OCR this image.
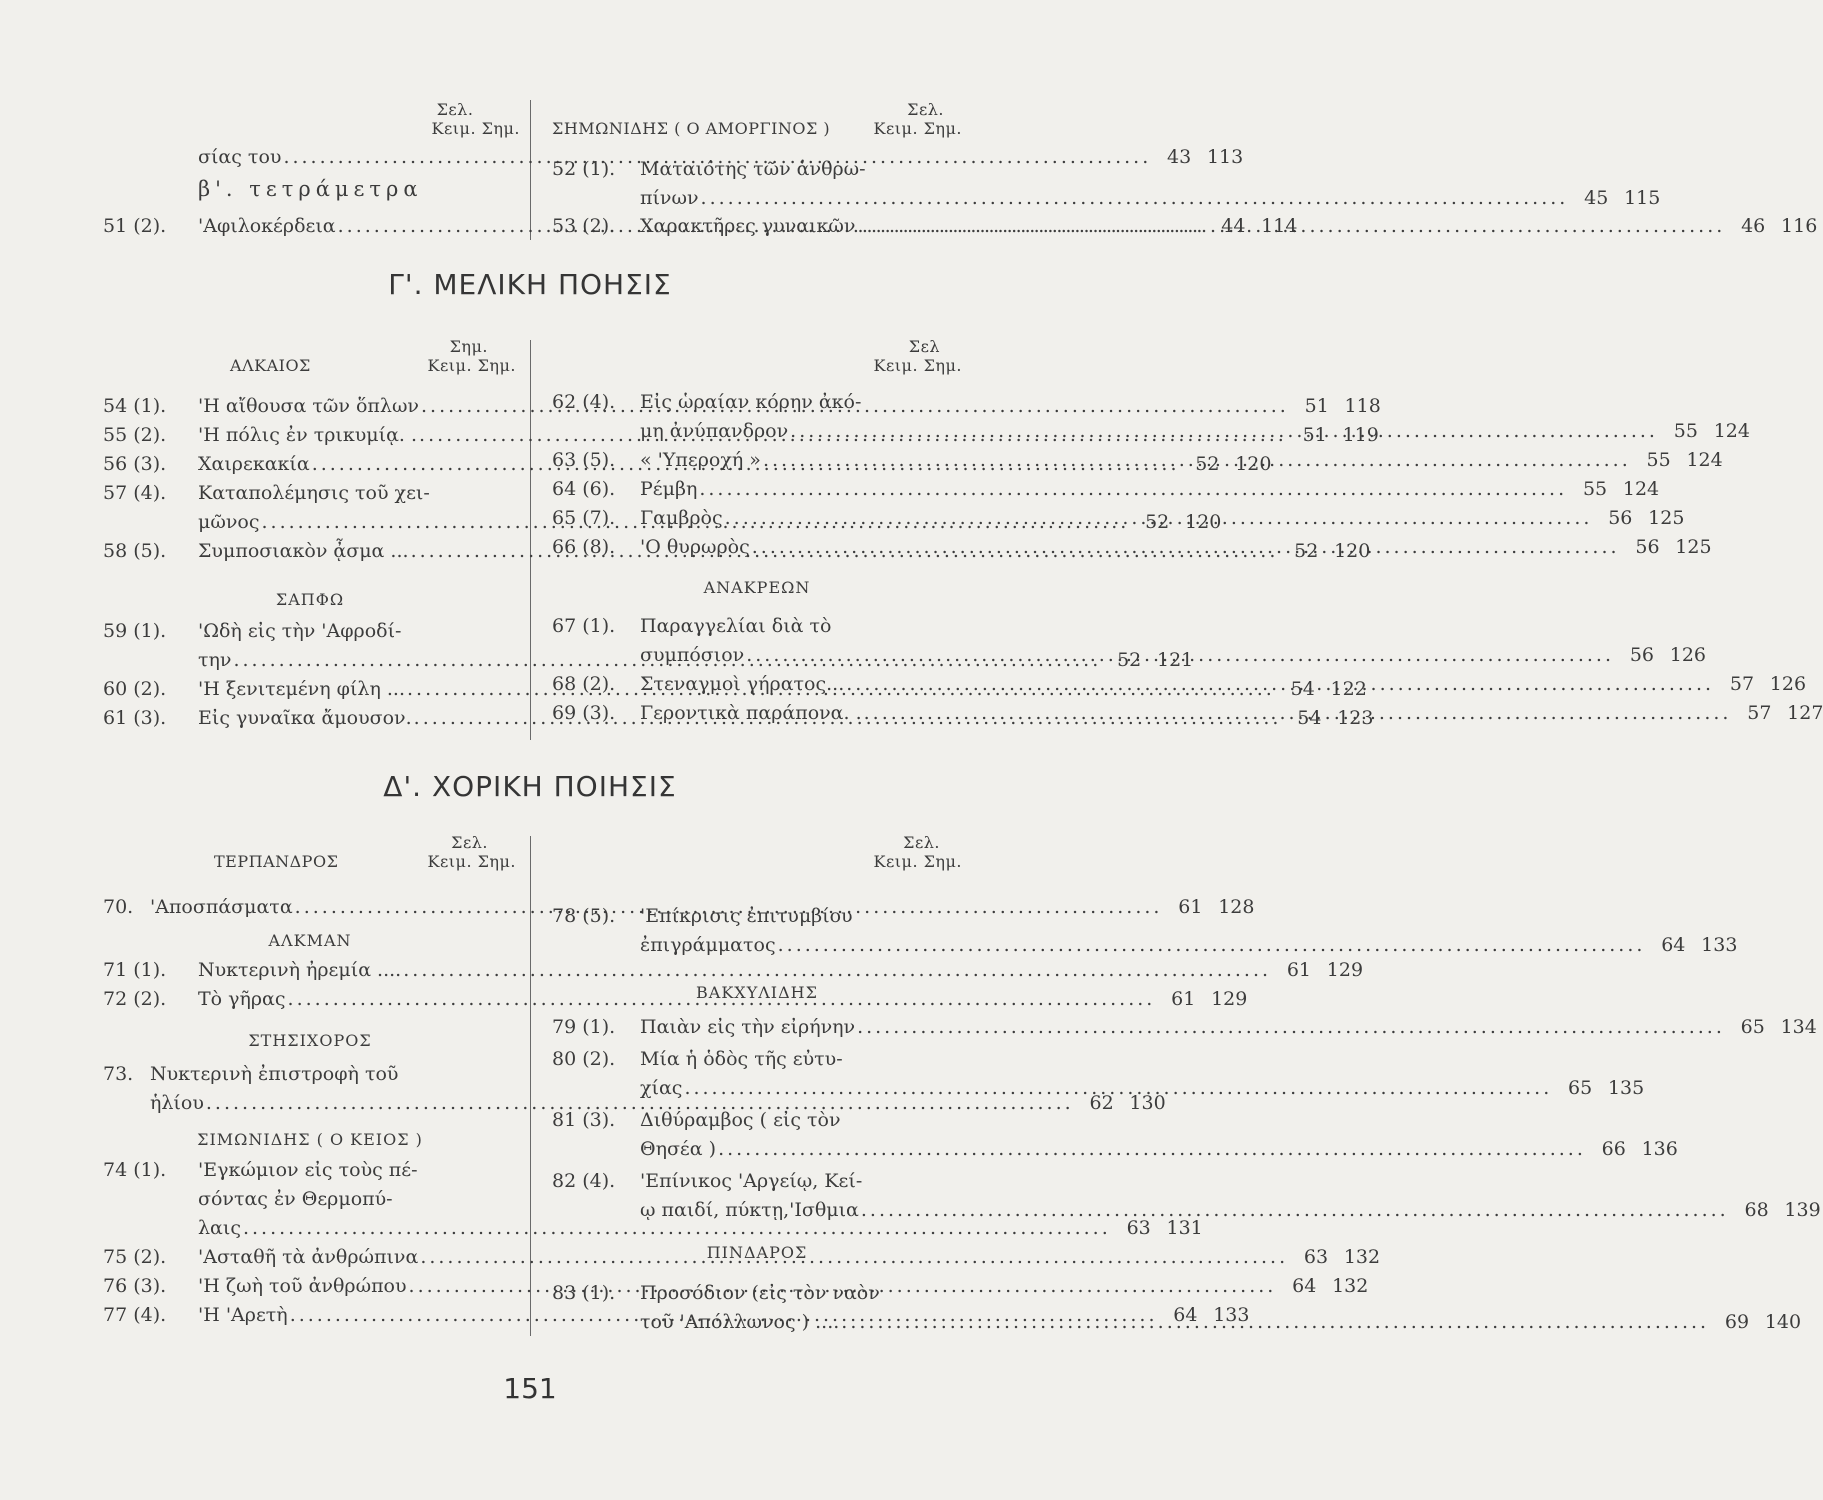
Σελ.
Κειμ. Σημ.
σίας του .....	43 113
β'. τετράμετρα
51 (2).	'Αφιλοκέρδεια .....	44 114
Σελ.
ΣΗΜΩΝΙΔΗΣ ( Ο ΑΜΟΡΓΙΝΟΣ )	Κειμ. Σημ.
52 (1).	Ματαιότης τῶν ἀνθρω-
πίνων .....	45 115
53 (2).	Χαρακτῆρες γυναικῶν .....	46 116
Γ'. ΜΕΛΙΚΗ ΠΟΗΣΙΣ
Σημ.
ΑΛΚΑΙΟΣ	Κειμ. Σημ.
54 (1).	'Η αἴθουσα τῶν ὅπλων .....	51 118
55 (2).	'Η πόλις ἐν τρικυμίᾳ. . .....	51 119
56 (3).	Χαιρεκακία .....	52 120
57 (4).	Καταπολέμησις τοῦ χει-
μῶνος .....	52 120
58 (5).	Συμποσιακὸν ᾆσμα ... .....	52 120
ΣΑΠΦΩ
59 (1).	'Ωδὴ εἰς τὴν 'Αφροδί-
την .....	52 121
60 (2).	'Η ξενιτεμένη φίλη ... .....	54 122
61 (3).	Εἰς γυναῖκα ἄμουσον. .....	54 123
Σελ
Κειμ. Σημ.
62 (4).	Εἰς ὡραίαν κόρην ἀκό-
μη ἀνύπανδρον .....	55 124
63 (5).	« 'Υπεροχή » .....	55 124
64 (6).	Ρέμβη .....	55 124
65 (7).	Γαμβρὸς .....	56 125
66 (8).	'Ο θυρωρὸς .....	56 125
ΑΝΑΚΡΕΩΝ
67 (1).	Παραγγελίαι διὰ τὸ
συμπόσιον .....	56 126
68 (2).	Στεναγμοὶ γήρατος... .....	57 126
69 (3).	Γεροντικὰ παράπονα. . .....	57 127
Δ'. ΧΟΡΙΚΗ ΠΟΙΗΣΙΣ
Σελ.
ΤΕΡΠΑΝΔΡΟΣ	Κειμ. Σημ.
70. 'Αποσπάσματα .....	61 128
ΑΛΚΜΑΝ
71 (1).	Νυκτερινὴ ἠρεμία .... .....	61 129
72 (2).	Τὸ γῆρας .....	61 129
ΣΤΗΣΙΧΟΡΟΣ
73. Νυκτερινὴ ἐπιστροφὴ τοῦ
ἡλίου .....	62 130
ΣΙΜΩΝΙΔΗΣ ( Ο ΚΕΙΟΣ )
74 (1).	'Εγκώμιον εἰς τοὺς πέ-
σόντας ἐν Θερμοπύ-
λαις .....	63 131
75 (2).	'Ασταθῆ τὰ ἀνθρώπινα .....	63 132
76 (3).	'Η ζωὴ τοῦ ἀνθρώπου .....	64 132
77 (4).	'Η 'Αρετὴ .....	64 133
Σελ.
Κειμ. Σημ.
78 (5).	'Επίκρισις ἐπιτυμβίου
ἐπιγράμματος .....	64 133
ΒΑΚΧΥΛΙΔΗΣ
79 (1).	Παιὰν εἰς τὴν εἰρήνην .....	65 134
80 (2).	Μία ἡ ὁδὸς τῆς εὐτυ-
χίας .....	65 135
81 (3).	Διθύραμβος ( εἰς τὸν
Θησέα ) .....	66 136
82 (4).	'Επίνικος 'Αργείῳ, Κεί-
ῳ παιδί, πύκτῃ,'Ισθμια .....	68 139
ΠΙΝΔΑΡΟΣ
83 (1).	Προσόδιον (εἰς τὸν ναὸν
τοῦ 'Απόλλωνος ) .... .....	69 140
151
